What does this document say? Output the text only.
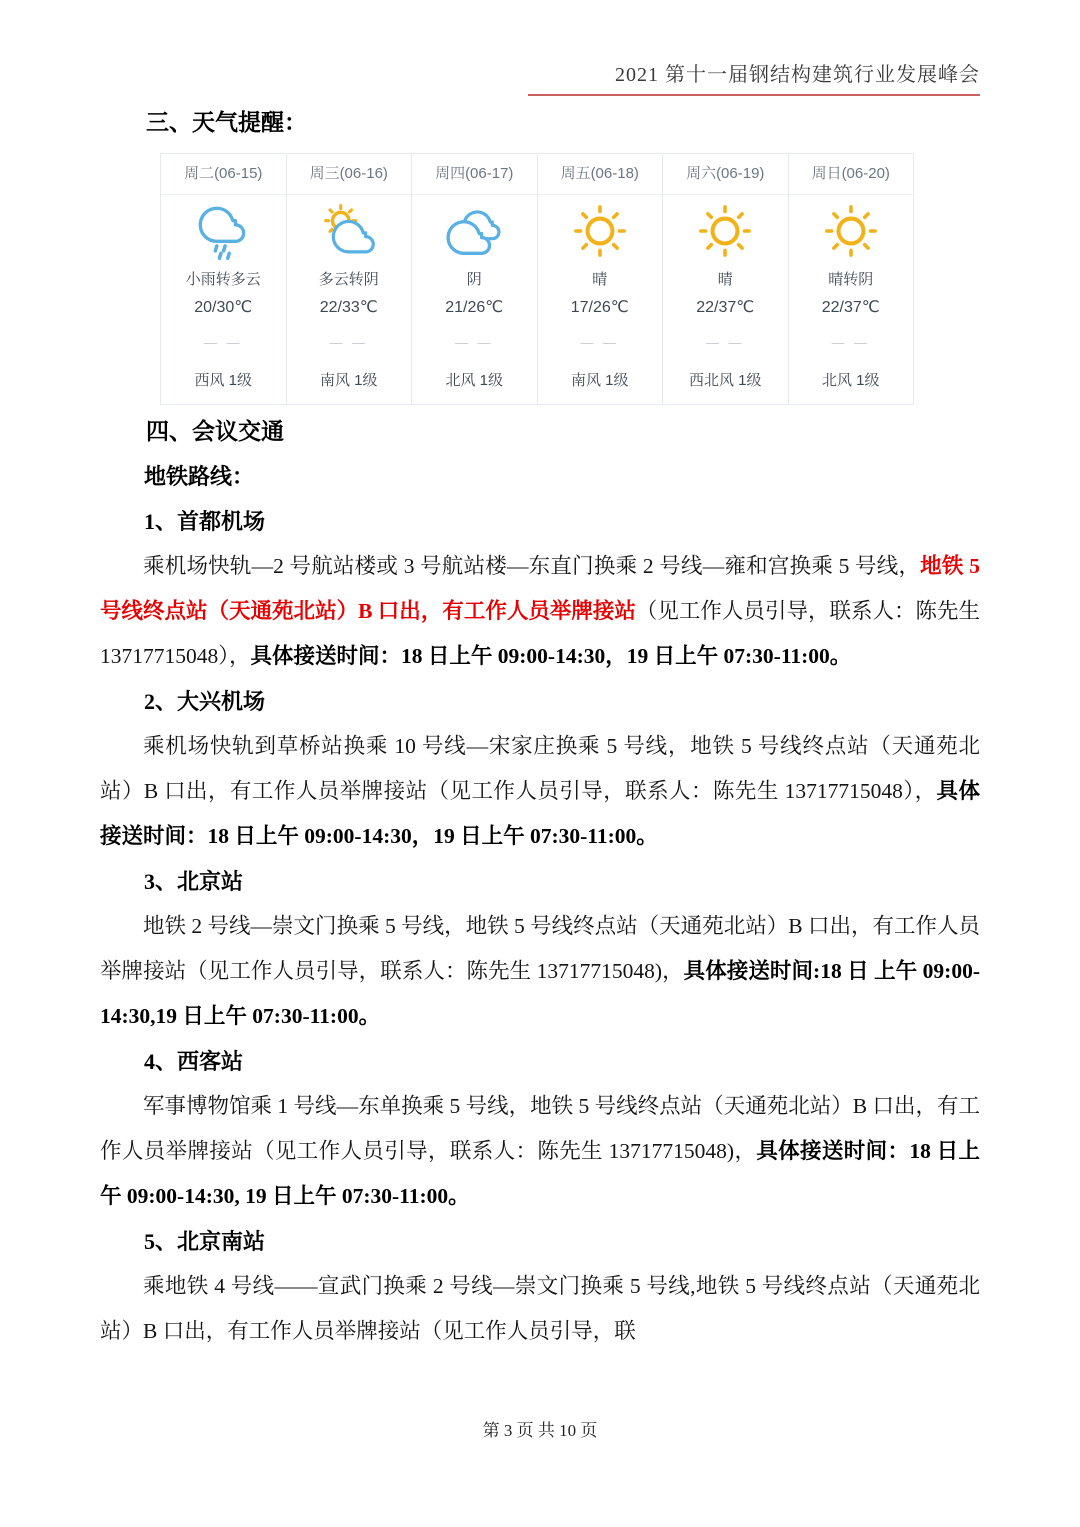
2021 第十一届钢结构建筑行业发展峰会

三、天气提醒：

周二(06-15)
小雨转多云
20/30℃
— —
西风 1级
周三(06-16)
多云转阴
22/33℃
— —
南风 1级
周四(06-17)
阴
21/26℃
— —
北风 1级
周五(06-18)
晴
17/26℃
— —
南风 1级
周六(06-19)
晴
22/37℃
— —
西北风 1级
周日(06-20)
晴转阴
22/37℃
— —
北风 1级

四、会议交通

地铁路线：

1、首都机场

乘机场快轨—2 号航站楼或 3 号航站楼—东直门换乘 2 号线—雍和宫换乘 5 号线，地铁 5 号线终点站（天通苑北站）B 口出，有工作人员举牌接站（见工作人员引导，联系人：陈先生 13717715048），具体接送时间：18 日上午 09:00-14:30，19 日上午 07:30-11:00。

2、大兴机场

乘机场快轨到草桥站换乘 10 号线—宋家庄换乘 5 号线，地铁 5 号线终点站（天通苑北站）B 口出，有工作人员举牌接站（见工作人员引导，联系人：陈先生 13717715048），具体接送时间：18 日上午 09:00-14:30，19 日上午 07:30-11:00。

3、北京站

地铁 2 号线—崇文门换乘 5 号线，地铁 5 号线终点站（天通苑北站）B 口出，有工作人员举牌接站（见工作人员引导，联系人：陈先生 13717715048)，具体接送时间:18 日 上午 09:00-14:30,19 日上午 07:30-11:00。

4、西客站

军事博物馆乘 1 号线—东单换乘 5 号线，地铁 5 号线终点站（天通苑北站）B 口出，有工作人员举牌接站（见工作人员引导，联系人：陈先生 13717715048)，具体接送时间：18 日上午 09:00-14:30, 19 日上午 07:30-11:00。

5、北京南站

乘地铁 4 号线——宣武门换乘 2 号线—崇文门换乘 5 号线,地铁 5 号线终点站（天通苑北站）B 口出，有工作人员举牌接站（见工作人员引导，联

第 3 页 共 10 页
